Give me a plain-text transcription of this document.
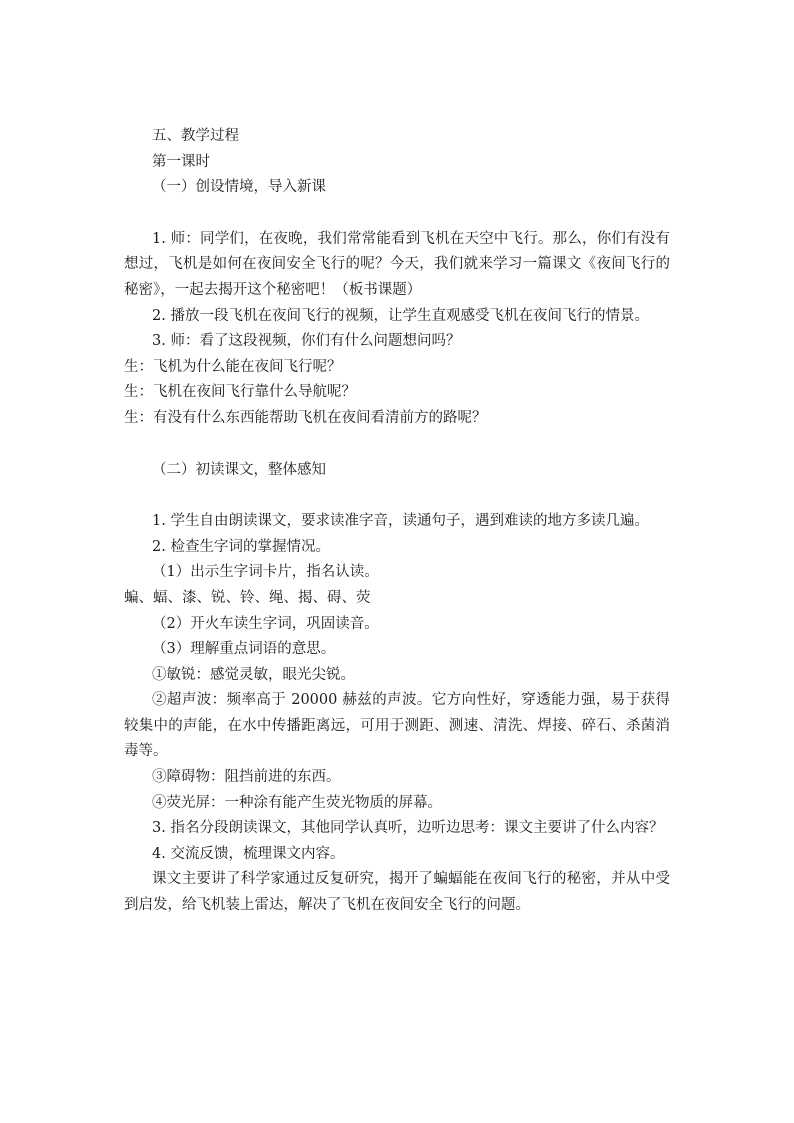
五、教学过程

第一课时

（一）创设情境，导入新课

1. 师：同学们，在夜晚，我们常常能看到飞机在天空中飞行。那么，你们有没有想过，飞机是如何在夜间安全飞行的呢？今天，我们就来学习一篇课文《夜间飞行的秘密》，一起去揭开这个秘密吧！（板书课题）

2. 播放一段飞机在夜间飞行的视频，让学生直观感受飞机在夜间飞行的情景。

3. 师：看了这段视频，你们有什么问题想问吗？

生：飞机为什么能在夜间飞行呢？

生：飞机在夜间飞行靠什么导航呢？

生：有没有什么东西能帮助飞机在夜间看清前方的路呢？

（二）初读课文，整体感知

1. 学生自由朗读课文，要求读准字音，读通句子，遇到难读的地方多读几遍。

2. 检查生字词的掌握情况。

（1）出示生字词卡片，指名认读。

蝙、蝠、漆、锐、铃、绳、揭、碍、荧

（2）开火车读生字词，巩固读音。

（3）理解重点词语的意思。

①敏锐：感觉灵敏，眼光尖锐。

②超声波：频率高于 20000 赫兹的声波。它方向性好，穿透能力强，易于获得较集中的声能，在水中传播距离远，可用于测距、测速、清洗、焊接、碎石、杀菌消毒等。

③障碍物：阻挡前进的东西。

④荧光屏：一种涂有能产生荧光物质的屏幕。

3. 指名分段朗读课文，其他同学认真听，边听边思考：课文主要讲了什么内容？

4. 交流反馈，梳理课文内容。

课文主要讲了科学家通过反复研究，揭开了蝙蝠能在夜间飞行的秘密，并从中受到启发，给飞机装上雷达，解决了飞机在夜间安全飞行的问题。
